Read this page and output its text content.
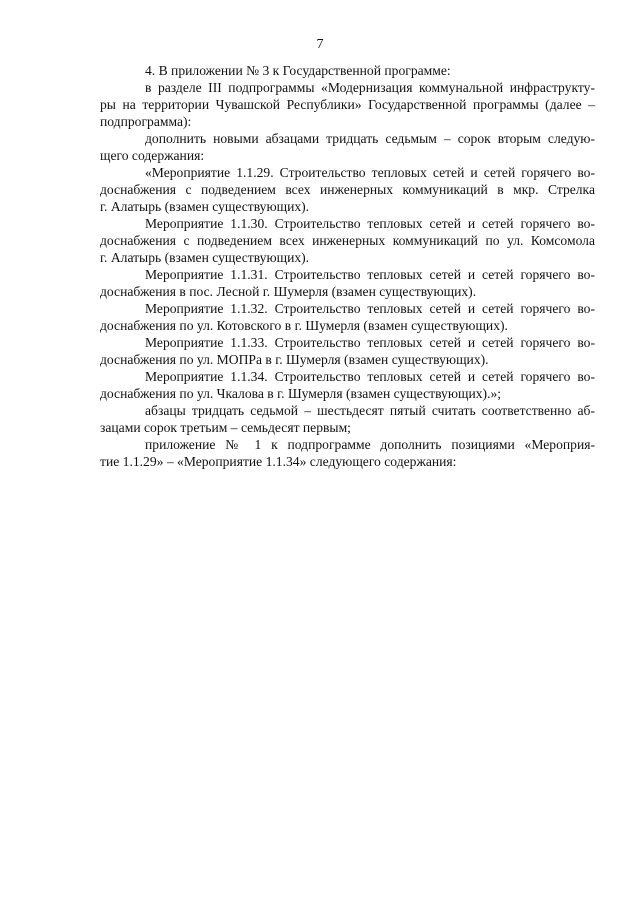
7
4. В приложении № 3 к Государственной программе:
в разделе III подпрограммы «Модернизация коммунальной инфраструкту-
ры на территории Чувашской Республики» Государственной программы (далее –
подпрограмма):
дополнить новыми абзацами тридцать седьмым – сорок вторым следую-
щего содержания:
«Мероприятие 1.1.29. Строительство тепловых сетей и сетей горячего во-
доснабжения с подведением всех инженерных коммуникаций в мкр. Стрелка
г. Алатырь (взамен существующих).
Мероприятие 1.1.30. Строительство тепловых сетей и сетей горячего во-
доснабжения с подведением всех инженерных коммуникаций по ул. Комсомола
г. Алатырь (взамен существующих).
Мероприятие 1.1.31. Строительство тепловых сетей и сетей горячего во-
доснабжения в пос. Лесной г. Шумерля (взамен существующих).
Мероприятие 1.1.32. Строительство тепловых сетей и сетей горячего во-
доснабжения по ул. Котовского в г. Шумерля (взамен существующих).
Мероприятие 1.1.33. Строительство тепловых сетей и сетей горячего во-
доснабжения по ул. МОПРа в г. Шумерля (взамен существующих).
Мероприятие 1.1.34. Строительство тепловых сетей и сетей горячего во-
доснабжения по ул. Чкалова в г. Шумерля (взамен существующих).»;
абзацы тридцать седьмой – шестьдесят пятый считать соответственно аб-
зацами сорок третьим – семьдесят первым;
приложение № 1 к подпрограмме дополнить позициями «Мероприя-
тие 1.1.29» – «Мероприятие 1.1.34» следующего содержания:
